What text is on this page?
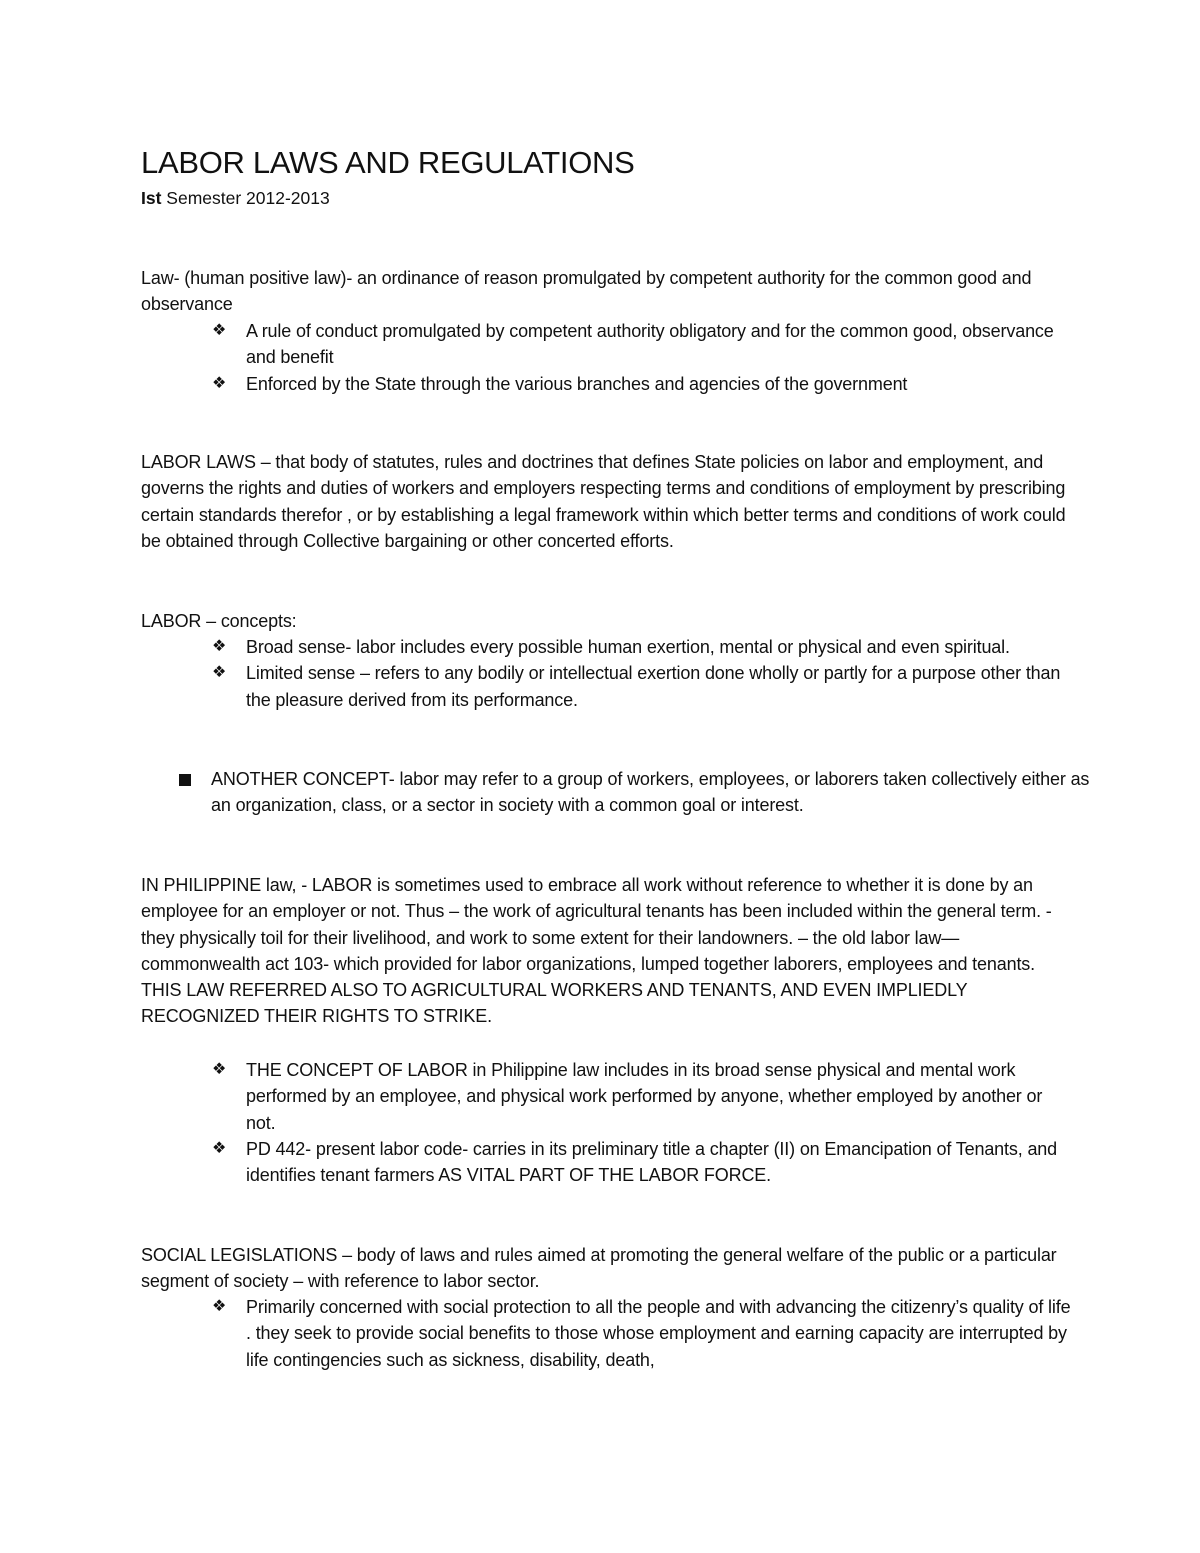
LABOR LAWS AND REGULATIONS
Ist Semester 2012-2013
Law- (human positive law)- an ordinance of reason promulgated by competent authority for the common good and observance
❖ A rule of conduct promulgated by competent authority obligatory and for the common good, observance and benefit
❖ Enforced by the State through the various branches and agencies of the government
LABOR LAWS – that body of statutes, rules and doctrines that defines State policies on labor and employment, and governs the rights and duties of workers and employers respecting terms and conditions of employment by prescribing certain standards therefor , or by establishing a legal framework within which better terms and conditions of work could be obtained through Collective bargaining or other concerted efforts.
LABOR – concepts:
❖ Broad sense- labor includes every possible human exertion, mental or physical and even spiritual.
❖ Limited sense – refers to any bodily or intellectual exertion done wholly or partly for a purpose other than the pleasure derived from its performance.
ANOTHER CONCEPT- labor may refer to a group of workers, employees, or laborers taken collectively either as an organization, class, or a sector in society with a common goal or interest.
IN PHILIPPINE law, - LABOR is sometimes used to embrace all work without reference to whether it is done by an employee for an employer or not. Thus – the work of agricultural tenants has been included within the general term. - they physically toil for their livelihood, and work to some extent for their landowners. – the old labor law—commonwealth act 103- which provided for labor organizations, lumped together laborers, employees and tenants. THIS LAW REFERRED ALSO TO AGRICULTURAL WORKERS AND TENANTS, AND EVEN IMPLIEDLY RECOGNIZED THEIR RIGHTS TO STRIKE.
❖ THE CONCEPT OF LABOR in Philippine law includes in its broad sense physical and mental work performed by an employee, and physical work performed by anyone, whether employed by another or not.
❖ PD 442- present labor code- carries in its preliminary title a chapter (II) on Emancipation of Tenants, and identifies tenant farmers AS VITAL PART OF THE LABOR FORCE.
SOCIAL LEGISLATIONS – body of laws and rules aimed at promoting the general welfare of the public or a particular segment of society – with reference to labor sector.
❖ Primarily concerned with social protection to all the people and with advancing the citizenry’s quality of life . they seek to provide social benefits to those whose employment and earning capacity are interrupted by life contingencies such as sickness, disability, death,
